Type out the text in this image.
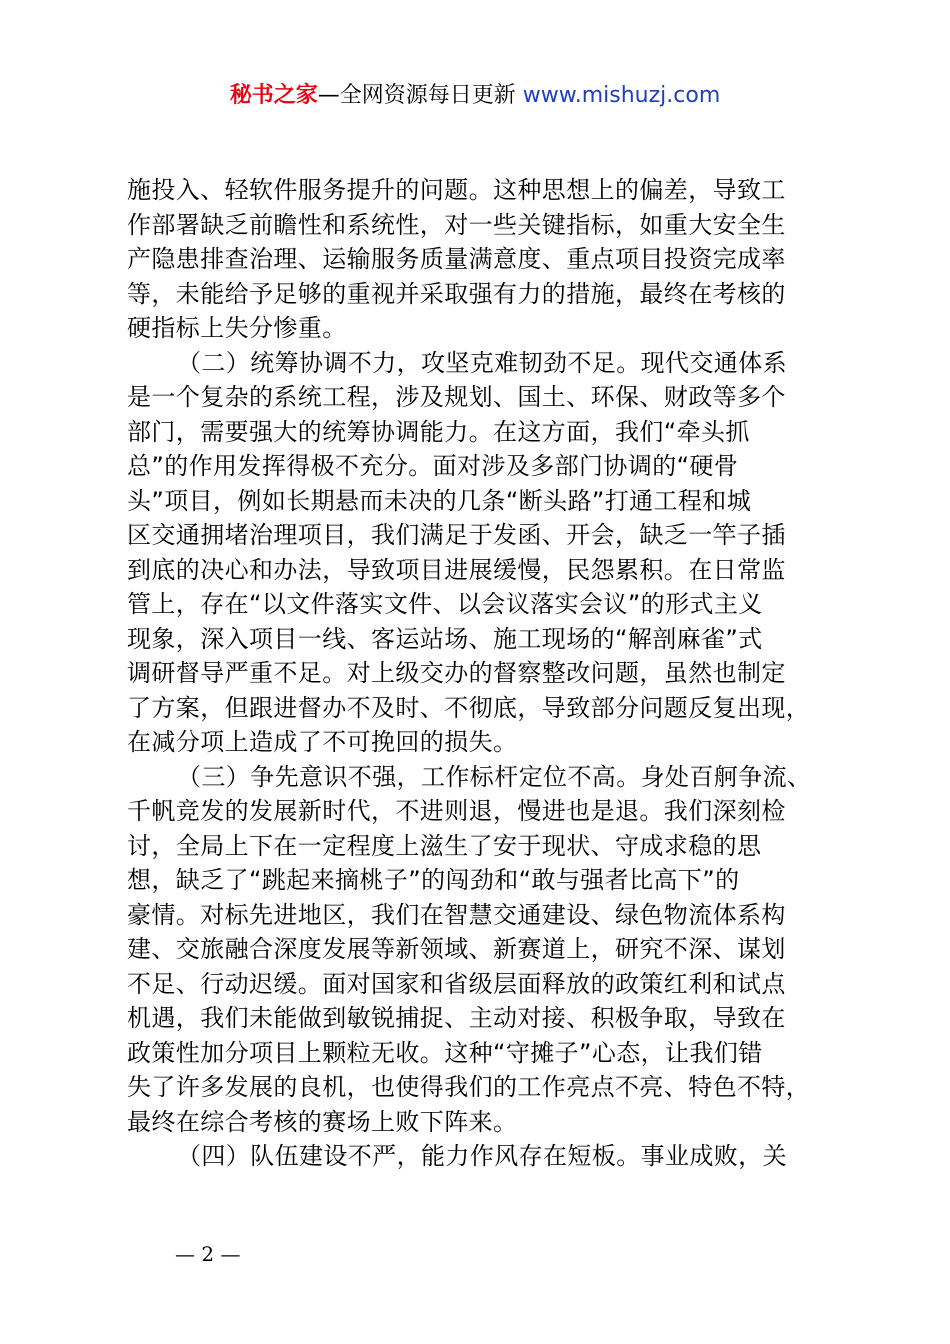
秘书之家—全网资源每日更新 www.mishuzj.com
施投入、轻软件服务提升的问题。这种思想上的偏差，导致工
作部署缺乏前瞻性和系统性，对一些关键指标，如重大安全生
产隐患排查治理、运输服务质量满意度、重点项目投资完成率
等，未能给予足够的重视并采取强有力的措施，最终在考核的
硬指标上失分惨重。
（二）统筹协调不力，攻坚克难韧劲不足。现代交通体系
是一个复杂的系统工程，涉及规划、国土、环保、财政等多个
部门，需要强大的统筹协调能力。在这方面，我们“牵头抓
总”的作用发挥得极不充分。面对涉及多部门协调的“硬骨
头”项目，例如长期悬而未决的几条“断头路”打通工程和城
区交通拥堵治理项目，我们满足于发函、开会，缺乏一竿子插
到底的决心和办法，导致项目进展缓慢，民怨累积。在日常监
管上，存在“以文件落实文件、以会议落实会议”的形式主义
现象，深入项目一线、客运站场、施工现场的“解剖麻雀”式
调研督导严重不足。对上级交办的督察整改问题，虽然也制定
了方案，但跟进督办不及时、不彻底，导致部分问题反复出现，
在减分项上造成了不可挽回的损失。
（三）争先意识不强，工作标杆定位不高。身处百舸争流、
千帆竞发的发展新时代，不进则退，慢进也是退。我们深刻检
讨，全局上下在一定程度上滋生了安于现状、守成求稳的思
想，缺乏了“跳起来摘桃子”的闯劲和“敢与强者比高下”的
豪情。对标先进地区，我们在智慧交通建设、绿色物流体系构
建、交旅融合深度发展等新领域、新赛道上，研究不深、谋划
不足、行动迟缓。面对国家和省级层面释放的政策红利和试点
机遇，我们未能做到敏锐捕捉、主动对接、积极争取，导致在
政策性加分项目上颗粒无收。这种“守摊子”心态，让我们错
失了许多发展的良机，也使得我们的工作亮点不亮、特色不特，
最终在综合考核的赛场上败下阵来。
（四）队伍建设不严，能力作风存在短板。事业成败，关
— 2 —
